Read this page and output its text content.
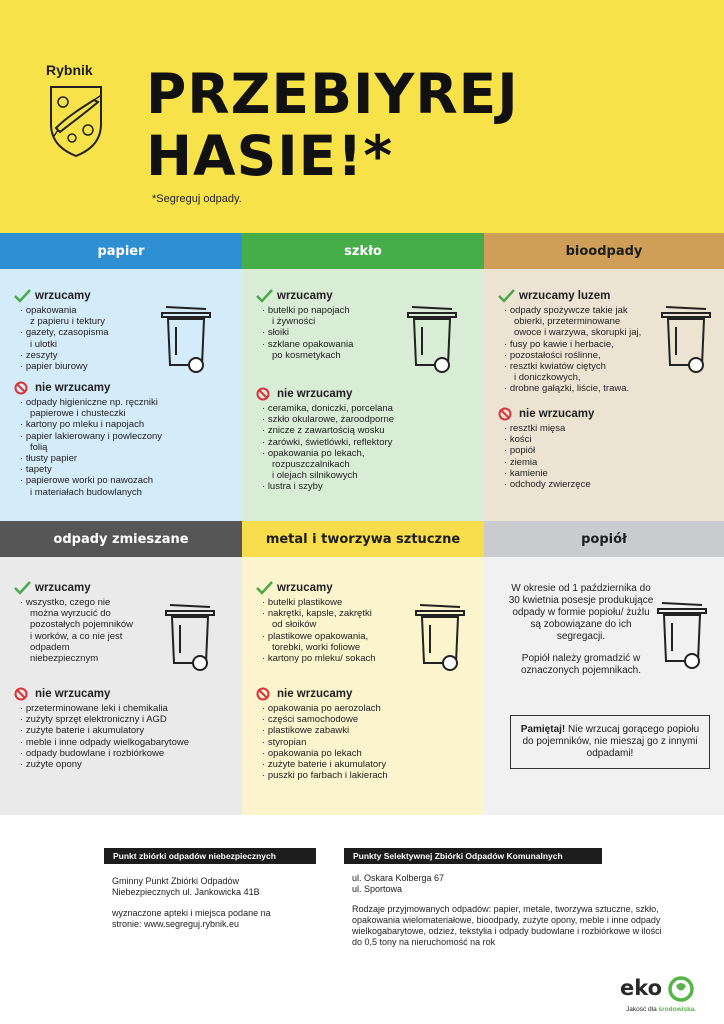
Rybnik PRZEBIYREJ
HASIE!*
*Segreguj odpady.
papier
wrzucamy
· opakowania
z papieru i tektury
· gazety, czasopisma
i ulotki
· zeszyty
· papier biurowy
nie wrzucamy
· odpady higieniczne np. ręczniki
papierowe i chusteczki
· kartony po mleku i napojach
· papier lakierowany i powleczony
folią
· tłusty papier
· tapety
· papierowe worki po nawozach
i materiałach budowlanych
szkło
wrzucamy
· butelki po napojach
i żywności
· słoiki
· szklane opakowania
po kosmetykach
nie wrzucamy
· ceramika, doniczki, porcelana
· szkło okularowe, żaroodporne
· znicze z zawartością wosku
· żarówki, świetlówki, reflektory
· opakowania po lekach,
rozpuszczalnikach
i olejach silnikowych
· lustra i szyby
bioodpady
wrzucamy luzem
· odpady spożywcze takie jak
obierki, przeterminowane
owoce i warzywa, skorupki jaj,
· fusy po kawie i herbacie,
· pozostałości roślinne,
· resztki kwiatów ciętych
i doniczkowych,
· drobne gałązki, liście, trawa.
nie wrzucamy
· resztki mięsa
· kości
· popiół
· ziemia
· kamienie
· odchody zwierzęce
odpady zmieszane
wrzucamy
· wszystko, czego nie
można wyrzucić do
pozostałych pojemników
i worków, a co nie jest
odpadem
niebezpiecznym
nie wrzucamy
· przeterminowane leki i chemikalia
· zużyty sprzęt elektroniczny i AGD
· zużyte baterie i akumulatory
· meble i inne odpady wielkogabarytowe
· odpady budowlane i rozbiórkowe
· zużyte opony
metal i tworzywa sztuczne
wrzucamy
· butelki plastikowe
· nakrętki, kapsle, zakrętki
od słoików
· plastikowe opakowania,
torebki, worki foliowe
· kartony po mleku/ sokach
nie wrzucamy
· opakowania po aerozolach
· części samochodowe
· plastikowe zabawki
· styropian
· opakowania po lekach
· zużyte baterie i akumulatory
· puszki po farbach i lakierach
popiół

W okresie od 1 października do 30 kwietnia posesje produkujące odpady w formie popiołu/ żużlu są zobowiązane do ich segregacji.

Popiół należy gromadzić w oznaczonych pojemnikach.

Pamiętaj! Nie wrzucaj gorącego popiołu do pojemników, nie mieszaj go z innymi odpadami!
Punkt zbiórki odpadów niebezpiecznych

Gminny Punkt Zbiórki Odpadów Niebezpiecznych ul. Jankowicka 41B

wyznaczone apteki i miejsca podane na stronie: www.segreguj.rybnik.eu

Punkty Selektywnej Zbiórki Odpadów Komunalnych
ul. Oskara Kolberga 67

ul. Sportowa

Rodzaje przyjmowanych odpadów: papier, metale, tworzywa sztuczne, szkło, opakowania wielomateriałowe, bioodpady, zużyte opony, meble i inne odpady wielkogabarytowe, odzież, tekstylia i odpady budowlane i rozbiórkowe w ilości do 0,5 tony na nieruchomość na rok

eko
Jakość dla środowiska.
